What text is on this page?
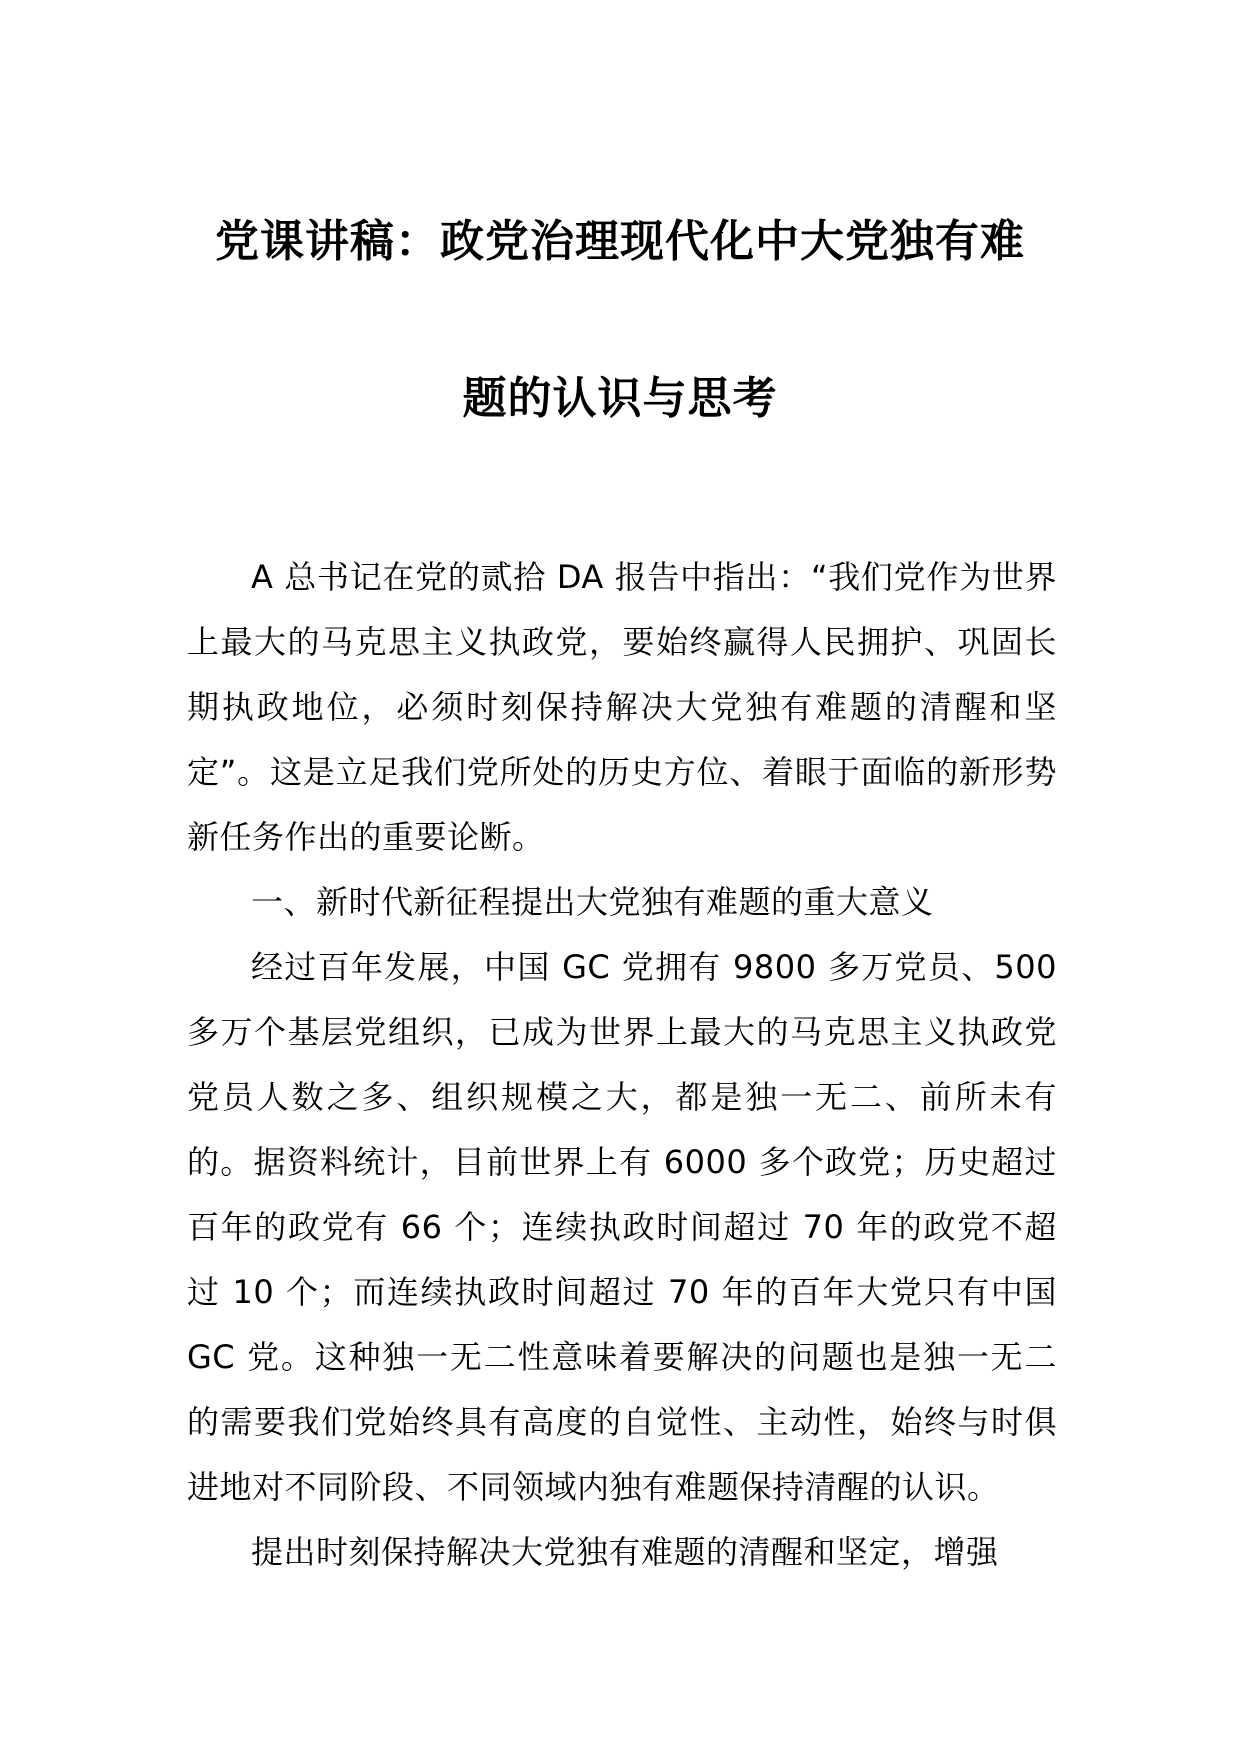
党课讲稿：政党治理现代化中大党独有难
题的认识与思考

A 总书记在党的贰拾 DA 报告中指出：“我们党作为世界上最大的马克思主义执政党，要始终赢得人民拥护、巩固长期执政地位，必须时刻保持解决大党独有难题的清醒和坚定”。这是立足我们党所处的历史方位、着眼于面临的新形势新任务作出的重要论断。

一、新时代新征程提出大党独有难题的重大意义

经过百年发展，中国 GC 党拥有 9800 多万党员、500 多万个基层党组织，已成为世界上最大的马克思主义执政党党员人数之多、组织规模之大，都是独一无二、前所未有的。据资料统计，目前世界上有 6000 多个政党；历史超过百年的政党有 66 个；连续执政时间超过 70 年的政党不超过 10 个；而连续执政时间超过 70 年的百年大党只有中国 GC 党。这种独一无二性意味着要解决的问题也是独一无二的需要我们党始终具有高度的自觉性、主动性，始终与时俱进地对不同阶段、不同领域内独有难题保持清醒的认识。

提出时刻保持解决大党独有难题的清醒和坚定，增强
